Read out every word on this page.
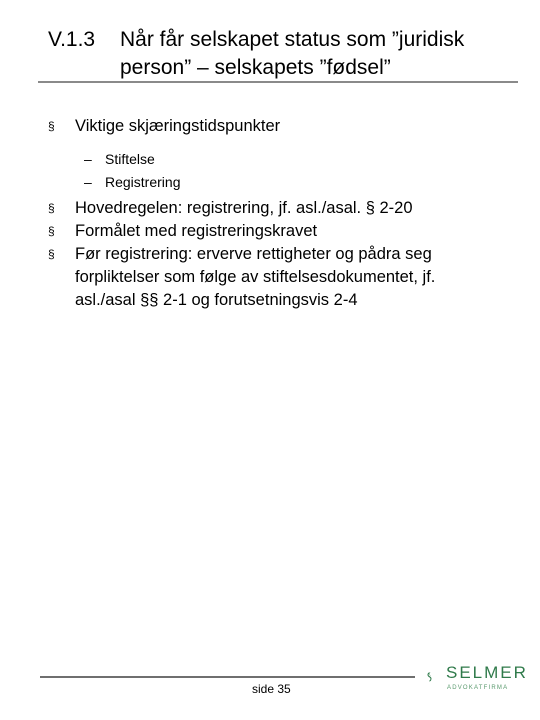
V.1.3 Når får selskapet status som ”juridisk person” – selskapets ”fødsel”
§ Viktige skjæringstidspunkter
– Stiftelse
– Registrering
§ Hovedregelen: registrering, jf. asl./asal. § 2-20
§ Formålet med registreringskravet
§ Før registrering: erverve rettigheter og pådra seg forpliktelser som følge av stiftelsesdokumentet, jf. asl./asal §§ 2-1 og forutsetningsvis 2-4
side 35
SELMER
ADVOKATFIRMA
